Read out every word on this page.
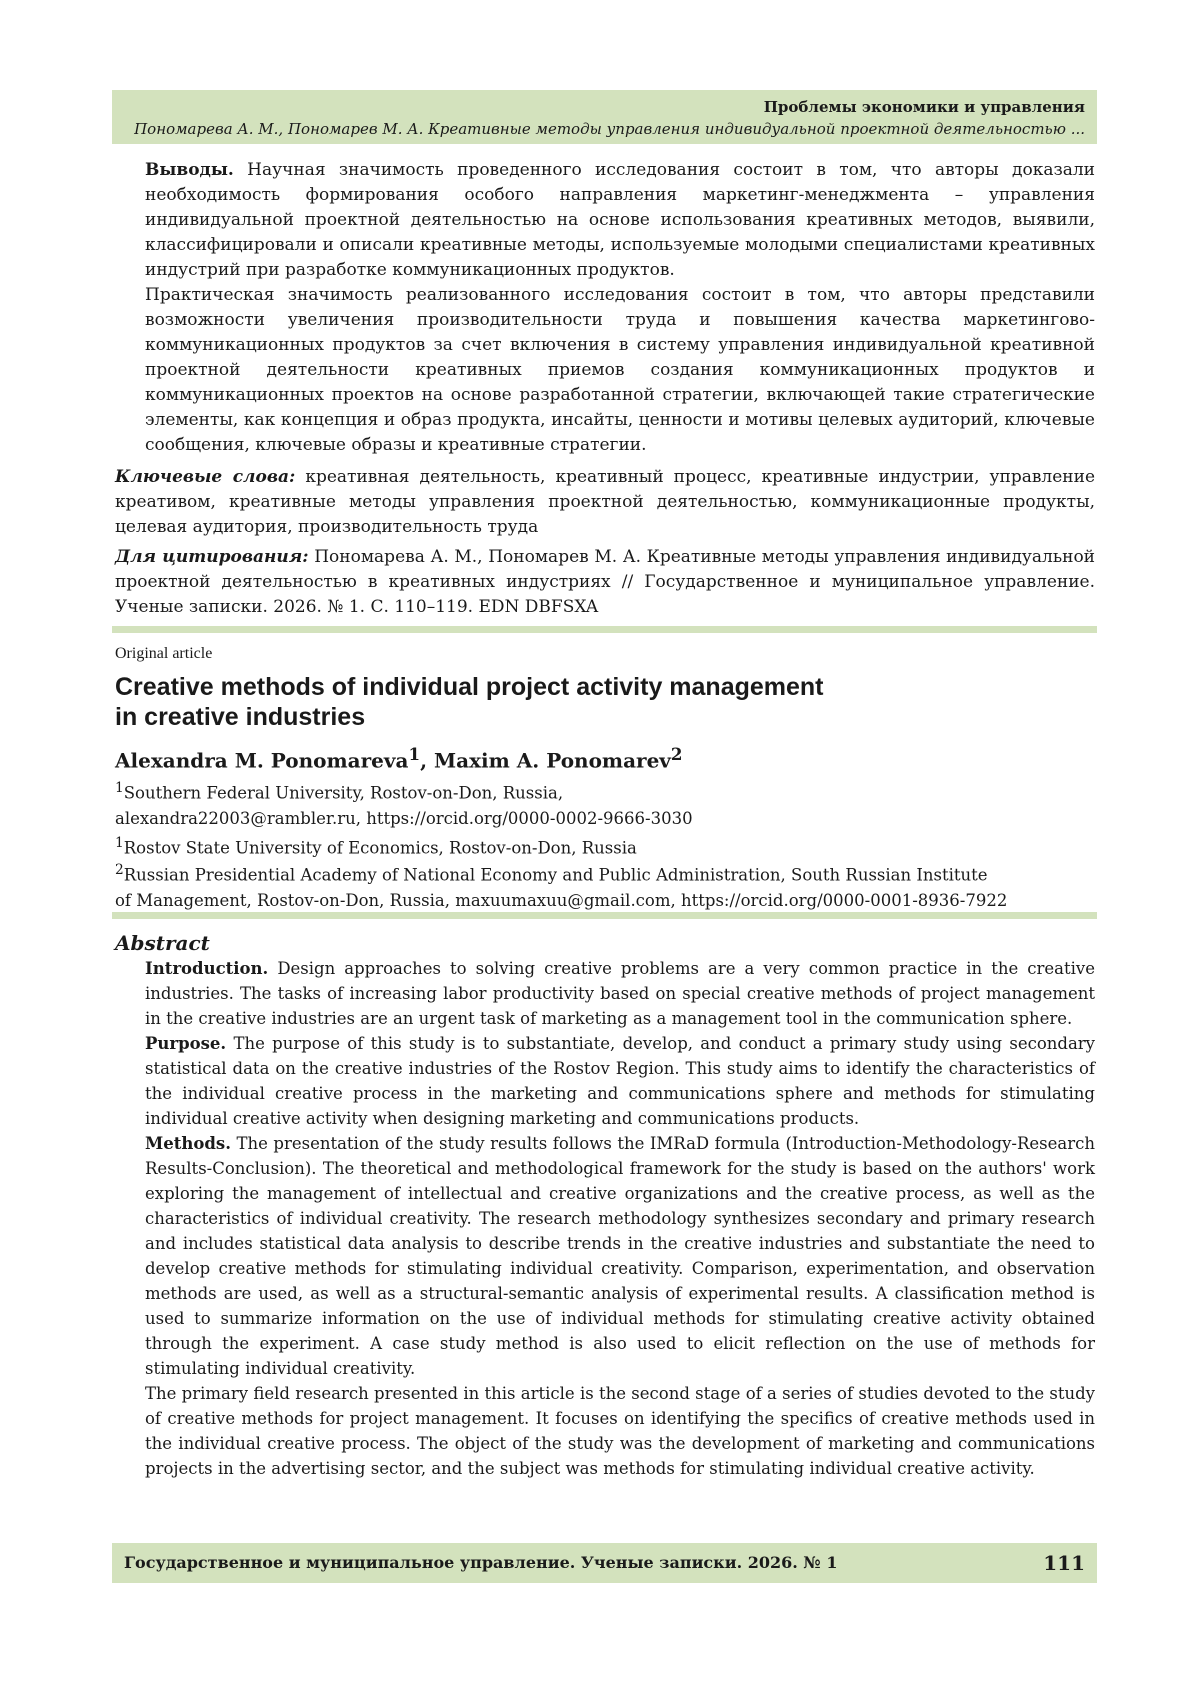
Проблемы экономики и управления
Пономарева А. М., Пономарев М. А. Креативные методы управления индивидуальной проектной деятельностью ...

Выводы. Научная значимость проведенного исследования состоит в том, что авторы доказали необходимость формирования особого направления маркетинг-менеджмента – управления индивидуальной проектной деятельностью на основе использования креативных методов, выявили, классифицировали и описали креативные методы, используемые молодыми специалистами креативных индустрий при разработке коммуникационных продуктов.

Практическая значимость реализованного исследования состоит в том, что авторы представили возможности увеличения производительности труда и повышения качества маркетингово-коммуникационных продуктов за счет включения в систему управления индивидуальной креативной проектной деятельности креативных приемов создания коммуникационных продуктов и коммуникационных проектов на основе разработанной стратегии, включающей такие стратегические элементы, как концепция и образ продукта, инсайты, ценности и мотивы целевых аудиторий, ключевые сообщения, ключевые образы и креативные стратегии.

Ключевые слова: креативная деятельность, креативный процесс, креативные индустрии, управление креативом, креативные методы управления проектной деятельностью, коммуникационные продукты, целевая аудитория, производительность труда

Для цитирования: Пономарева А. М., Пономарев М. А. Креативные методы управления индивидуальной проектной деятельностью в креативных индустриях // Государственное и муниципальное управление. Ученые записки. 2026. № 1. С. 110–119. EDN DBFSXA

Original article
Creative methods of individual project activity management
in creative industries
Alexandra M. Ponomareva$^1$, Maxim A. Ponomarev$^2$
$^1$Southern Federal University, Rostov-on-Don, Russia,
alexandra22003@rambler.ru, https://orcid.org/0000-0002-9666-3030
$^1$Rostov State University of Economics, Rostov-on-Don, Russia
$^2$Russian Presidential Academy of National Economy and Public Administration, South Russian Institute
of Management, Rostov-on-Don, Russia, maxuumaxuu@gmail.com, https://orcid.org/0000-0001-8936-7922
Abstract

Introduction. Design approaches to solving creative problems are a very common practice in the creative industries. The tasks of increasing labor productivity based on special creative methods of project management in the creative industries are an urgent task of marketing as a management tool in the communication sphere.

Purpose. The purpose of this study is to substantiate, develop, and conduct a primary study using secondary statistical data on the creative industries of the Rostov Region. This study aims to identify the characteristics of the individual creative process in the marketing and communications sphere and methods for stimulating individual creative activity when designing marketing and communications products.

Methods. The presentation of the study results follows the IMRaD formula (Introduction-Methodology-Research Results-Conclusion). The theoretical and methodological framework for the study is based on the authors' work exploring the management of intellectual and creative organizations and the creative process, as well as the characteristics of individual creativity. The research methodology synthesizes secondary and primary research and includes statistical data analysis to describe trends in the creative industries and substantiate the need to develop creative methods for stimulating individual creativity. Comparison, experimentation, and observation methods are used, as well as a structural-semantic analysis of experimental results. A classification method is used to summarize information on the use of individual methods for stimulating creative activity obtained through the experiment. A case study method is also used to elicit reflection on the use of methods for stimulating individual creativity.

The primary field research presented in this article is the second stage of a series of studies devoted to the study of creative methods for project management. It focuses on identifying the specifics of creative methods used in the individual creative process. The object of the study was the development of marketing and communications projects in the advertising sector, and the subject was methods for stimulating individual creative activity.

Государственное и муниципальное управление. Ученые записки. 2026. № 1	111
